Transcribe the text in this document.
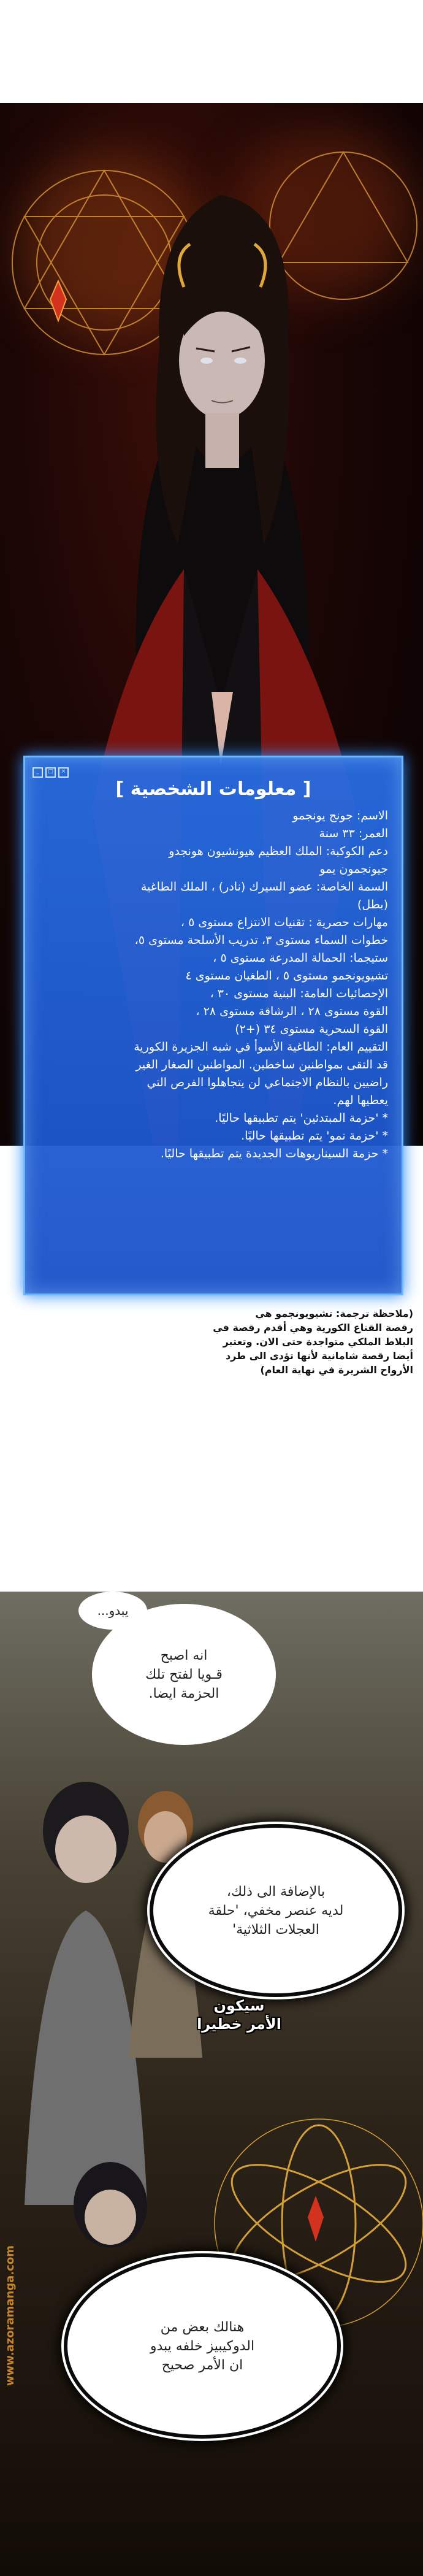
_	□	×
[ معلومات الشخصية ]
الاسم: جونج يونجمو
العمر: ٣٣ سنة
دعم الكوكبة: الملك العظيم هيونشيون هونجدو
جيونجمون يمو
السمة الخاصة: عضو السيرك (نادر) ، الملك الطاغية
(بطل)
مهارات حصرية : تقنيات الانتزاع مستوى ٥ ،
خطوات السماء مستوى ٣، تدريب الأسلحة مستوى ٥،
ستيجما: الحمالة المدرعة مستوى ٥ ،
تشيويونجمو مستوى ٥ ، الطغيان مستوى ٤
الإحصائيات العامة: البنية مستوى ٣٠ ،
القوة مستوى ٢٨ ، الرشاقة مستوى ٢٨ ،
القوة السحرية مستوى ٣٤ (+٢)
التقييم العام: الطاغية الأسوأ في شبه الجزيرة الكورية
قد التقى بمواطنين ساخطين. المواطنين الصغار الغير
راضيين بالنظام الاجتماعي لن يتجاهلوا الفرص التي
يعطيها لهم.
* 'حزمة المبتدئين' يتم تطبيقها حاليًا.
* 'حزمة نمو' يتم تطبيقها حاليًا.
* حزمة السيناريوهات الجديدة يتم تطبيقها حاليًا.
(ملاحظة ترجمة: تشيويونجمو هي
رقصة القناع الكورية وهي أقدم رقصة في
البلاط الملكي متواجدة حتى الان. وتعتبر
أيضا رقصة شامانية لأنها تؤدى الى طرد
الأرواح الشريرة في نهاية العام)
يبدو...
انه اصبح
قـويا لفتح تلك
الحزمة ايضا.
بالإضافة الى ذلك،
لديه عنصر مخفي، 'حلقة
العجلات الثلاثية'
سيكون
الأمر خطيرا
هنالك بعض من
الدوكيبيز خلفه يبدو
ان الأمر صحيح
www.azoramanga.com
